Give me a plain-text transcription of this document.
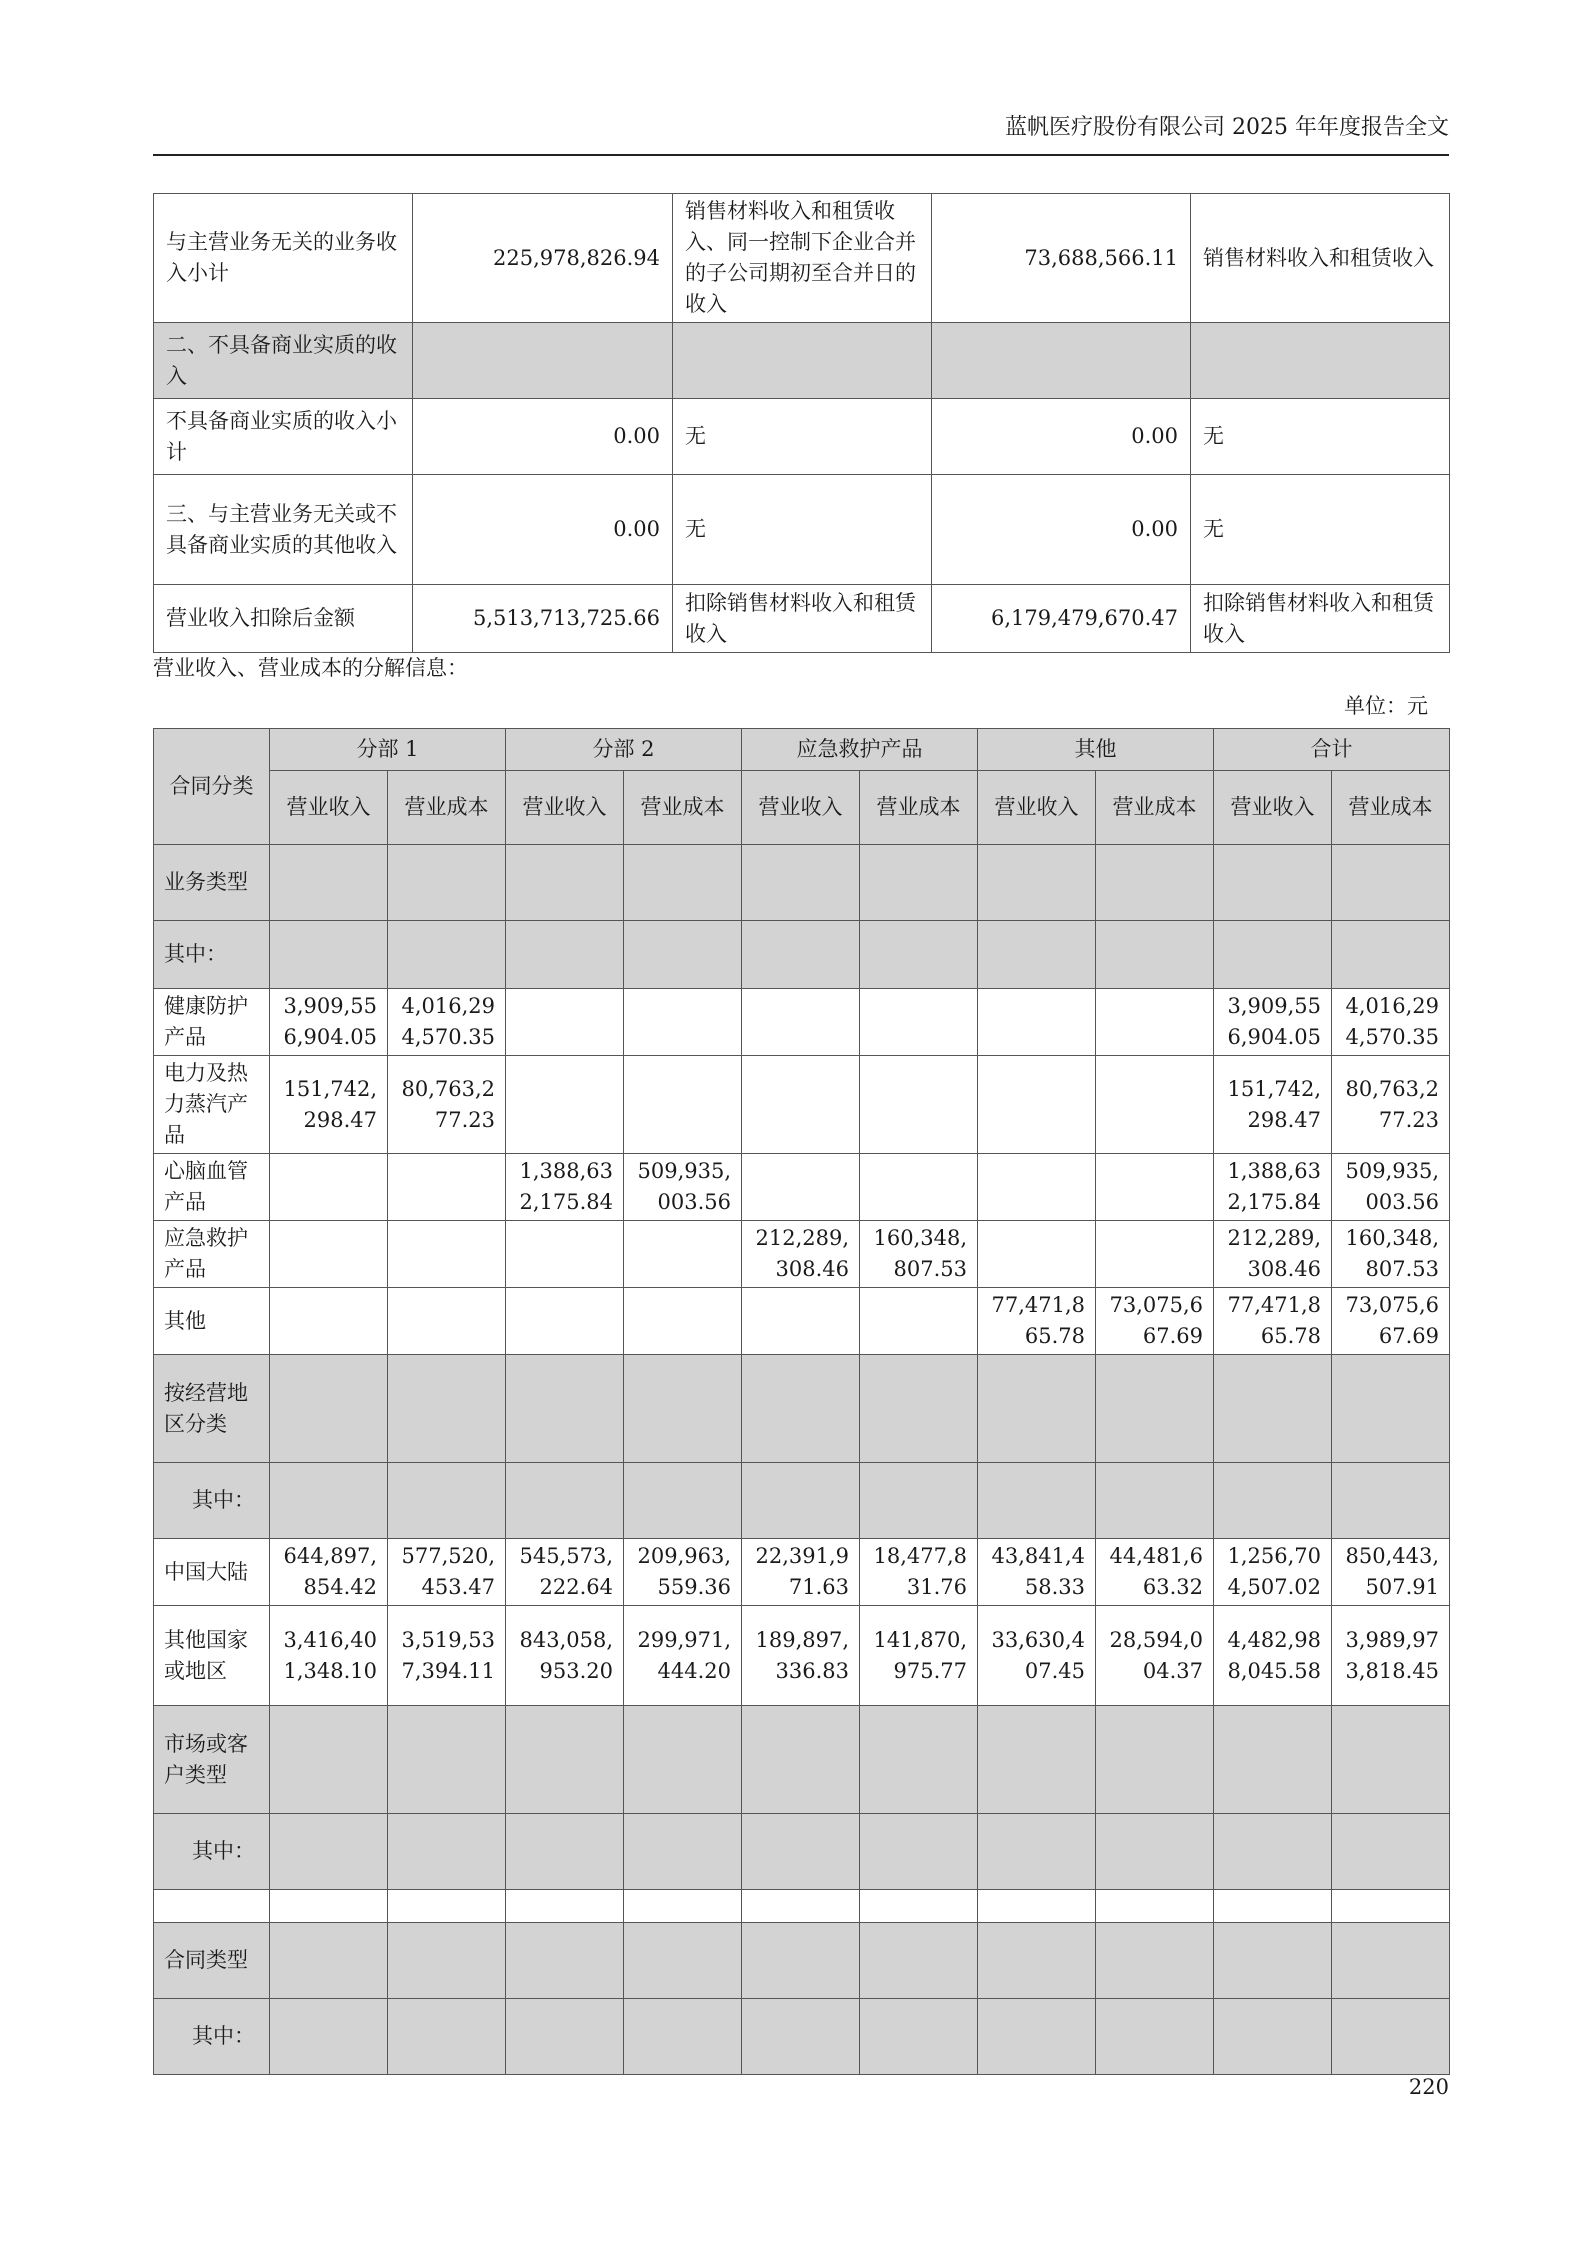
蓝帆医疗股份有限公司 2025 年年度报告全文
与主营业务无关的业务收入小计	225,978,826.94	销售材料收入和租赁收入、同一控制下企业合并的子公司期初至合并日的收入	73,688,566.11	销售材料收入和租赁收入
二、不具备商业实质的收入				
不具备商业实质的收入小计	0.00	无	0.00	无
三、与主营业务无关或不具备商业实质的其他收入	0.00	无	0.00	无
营业收入扣除后金额	5,513,713,725.66	扣除销售材料收入和租赁收入	6,179,479,670.47	扣除销售材料收入和租赁收入
营业收入、营业成本的分解信息：
单位：元
合同分类	分部 1		分部 2		应急救护产品		其他		合计	
	营业收入	营业成本	营业收入	营业成本	营业收入	营业成本	营业收入	营业成本	营业收入	营业成本
业务类型										
其中：										
健康防护产品	3,909,556,904.05	4,016,294,570.35							3,909,556,904.05	4,016,294,570.35
电力及热力蒸汽产品	151,742,298.47	80,763,277.23							151,742,298.47	80,763,277.23
心脑血管产品			1,388,632,175.84	509,935,003.56					1,388,632,175.84	509,935,003.56
应急救护产品					212,289,308.46	160,348,807.53			212,289,308.46	160,348,807.53
其他							77,471,865.78	73,075,667.69	77,471,865.78	73,075,667.69
按经营地区分类										
其中：										
中国大陆	644,897,854.42	577,520,453.47	545,573,222.64	209,963,559.36	22,391,971.63	18,477,831.76	43,841,458.33	44,481,663.32	1,256,704,507.02	850,443,507.91
其他国家或地区	3,416,401,348.10	3,519,537,394.11	843,058,953.20	299,971,444.20	189,897,336.83	141,870,975.77	33,630,407.45	28,594,004.37	4,482,988,045.58	3,989,973,818.45
市场或客户类型										
其中：										

合同类型										
其中：										
220
